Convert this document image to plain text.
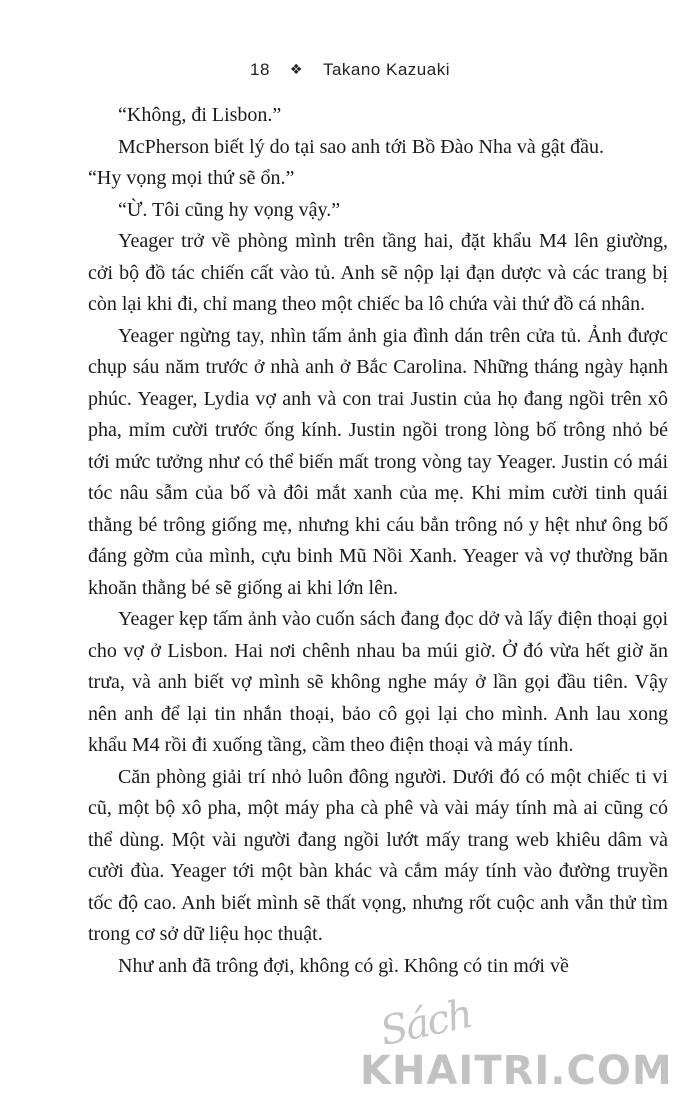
18 ❖ Takano Kazuaki

“Không, đi Lisbon.”

McPherson biết lý do tại sao anh tới Bồ Đào Nha và gật đầu.

“Hy vọng mọi thứ sẽ ổn.”

“Ừ. Tôi cũng hy vọng vậy.”

Yeager trở về phòng mình trên tầng hai, đặt khẩu M4 lên giường, cởi bộ đồ tác chiến cất vào tủ. Anh sẽ nộp lại đạn dược và các trang bị còn lại khi đi, chỉ mang theo một chiếc ba lô chứa vài thứ đồ cá nhân.

Yeager ngừng tay, nhìn tấm ảnh gia đình dán trên cửa tủ. Ảnh được chụp sáu năm trước ở nhà anh ở Bắc Carolina. Những tháng ngày hạnh phúc. Yeager, Lydia vợ anh và con trai Justin của họ đang ngồi trên xô pha, mỉm cười trước ống kính. Justin ngồi trong lòng bố trông nhỏ bé tới mức tưởng như có thể biến mất trong vòng tay Yeager. Justin có mái tóc nâu sẫm của bố và đôi mắt xanh của mẹ. Khi mỉm cười tinh quái thằng bé trông giống mẹ, nhưng khi cáu bẳn trông nó y hệt như ông bố đáng gờm của mình, cựu binh Mũ Nồi Xanh. Yeager và vợ thường băn khoăn thằng bé sẽ giống ai khi lớn lên.

Yeager kẹp tấm ảnh vào cuốn sách đang đọc dở và lấy điện thoại gọi cho vợ ở Lisbon. Hai nơi chênh nhau ba múi giờ. Ở đó vừa hết giờ ăn trưa, và anh biết vợ mình sẽ không nghe máy ở lần gọi đầu tiên. Vậy nên anh để lại tin nhắn thoại, bảo cô gọi lại cho mình. Anh lau xong khẩu M4 rồi đi xuống tầng, cầm theo điện thoại và máy tính.

Căn phòng giải trí nhỏ luôn đông người. Dưới đó có một chiếc ti vi cũ, một bộ xô pha, một máy pha cà phê và vài máy tính mà ai cũng có thể dùng. Một vài người đang ngồi lướt mấy trang web khiêu dâm và cười đùa. Yeager tới một bàn khác và cắm máy tính vào đường truyền tốc độ cao. Anh biết mình sẽ thất vọng, nhưng rốt cuộc anh vẫn thử tìm trong cơ sở dữ liệu học thuật.

Như anh đã trông đợi, không có gì. Không có tin mới về

Sách
KHAITRI.COM
